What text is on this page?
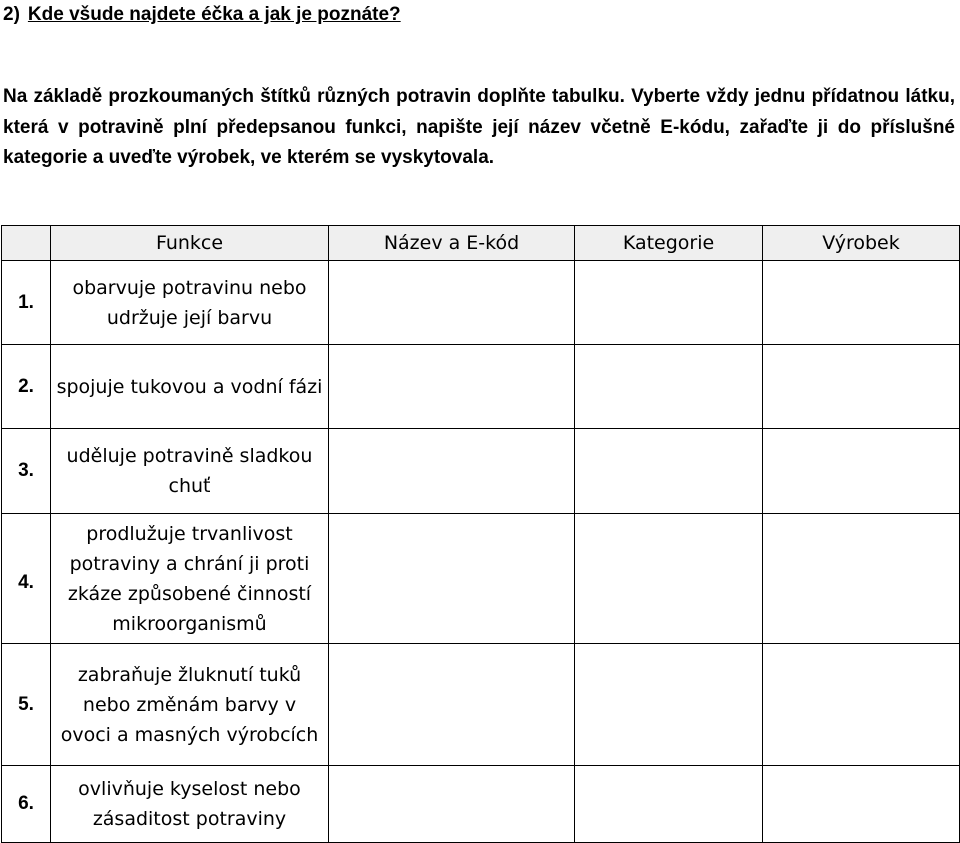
2) Kde všude najdete éčka a jak je poznáte?
Na základě prozkoumaných štítků různých potravin doplňte tabulku. Vyberte vždy jednu přídatnou látku, která v potravině plní předepsanou funkci, napište její název včetně E-kódu, zařaďte ji do příslušné kategorie a uveďte výrobek, ve kterém se vyskytovala.
	Funkce	Název a E-kód	Kategorie	Výrobek
1.	obarvuje potravinu nebo udržuje její barvu			
2.	spojuje tukovou a vodní fázi			
3.	uděluje potravině sladkou chuť			
4.	prodlužuje trvanlivost potraviny a chrání ji proti zkáze způsobené činností mikroorganismů			
5.	zabraňuje žluknutí tuků nebo změnám barvy v ovoci a masných výrobcích			
6.	ovlivňuje kyselost nebo zásaditost potraviny			
